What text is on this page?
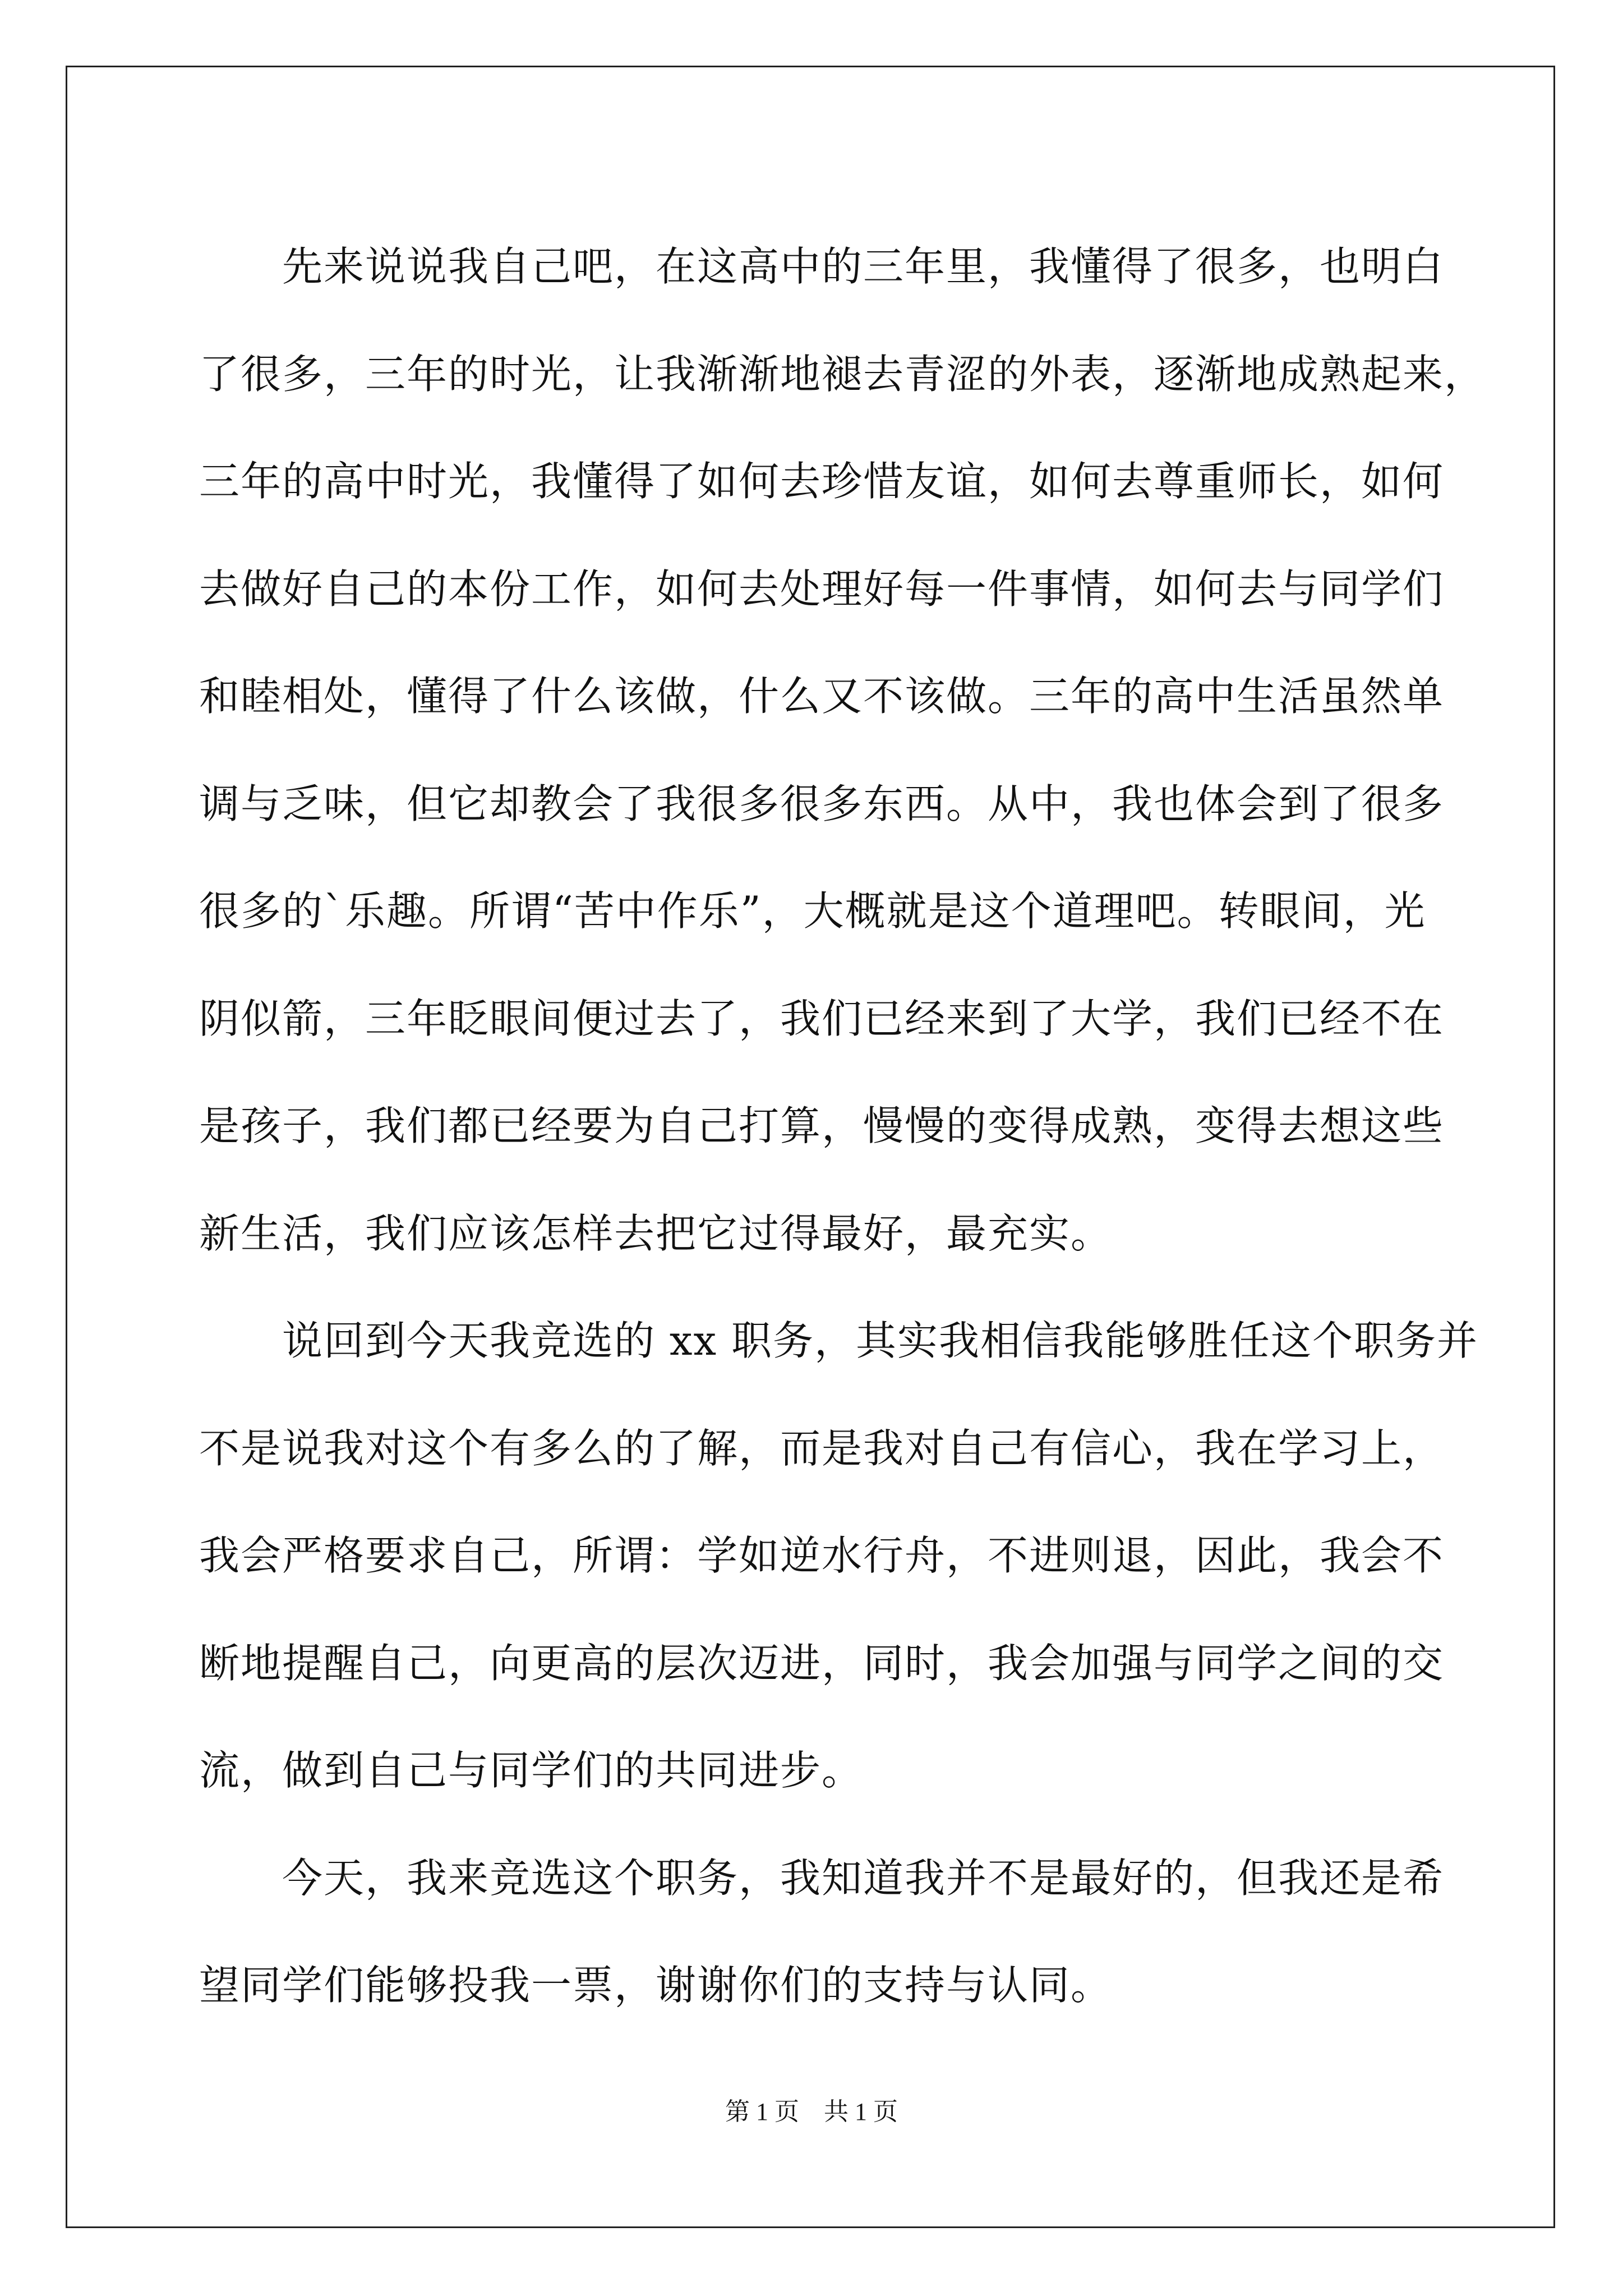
　　先来说说我自己吧，在这高中的三年里，我懂得了很多，也明白
了很多，三年的时光，让我渐渐地褪去青涩的外表，逐渐地成熟起来，
三年的高中时光，我懂得了如何去珍惜友谊，如何去尊重师长，如何
去做好自己的本份工作，如何去处理好每一件事情，如何去与同学们
和睦相处，懂得了什么该做，什么又不该做。三年的高中生活虽然单
调与乏味，但它却教会了我很多很多东西。从中，我也体会到了很多
很多的`乐趣。所谓“苦中作乐”，大概就是这个道理吧。转眼间，光
阴似箭，三年眨眼间便过去了，我们已经来到了大学，我们已经不在
是孩子，我们都已经要为自己打算，慢慢的变得成熟，变得去想这些
新生活，我们应该怎样去把它过得最好，最充实。
　　说回到今天我竞选的 xx 职务，其实我相信我能够胜任这个职务并
不是说我对这个有多么的了解，而是我对自己有信心，我在学习上，
我会严格要求自己，所谓：学如逆水行舟，不进则退，因此，我会不
断地提醒自己，向更高的层次迈进，同时，我会加强与同学之间的交
流，做到自己与同学们的共同进步。
　　今天，我来竞选这个职务，我知道我并不是最好的，但我还是希
望同学们能够投我一票，谢谢你们的支持与认同。
第 1 页　共 1 页
